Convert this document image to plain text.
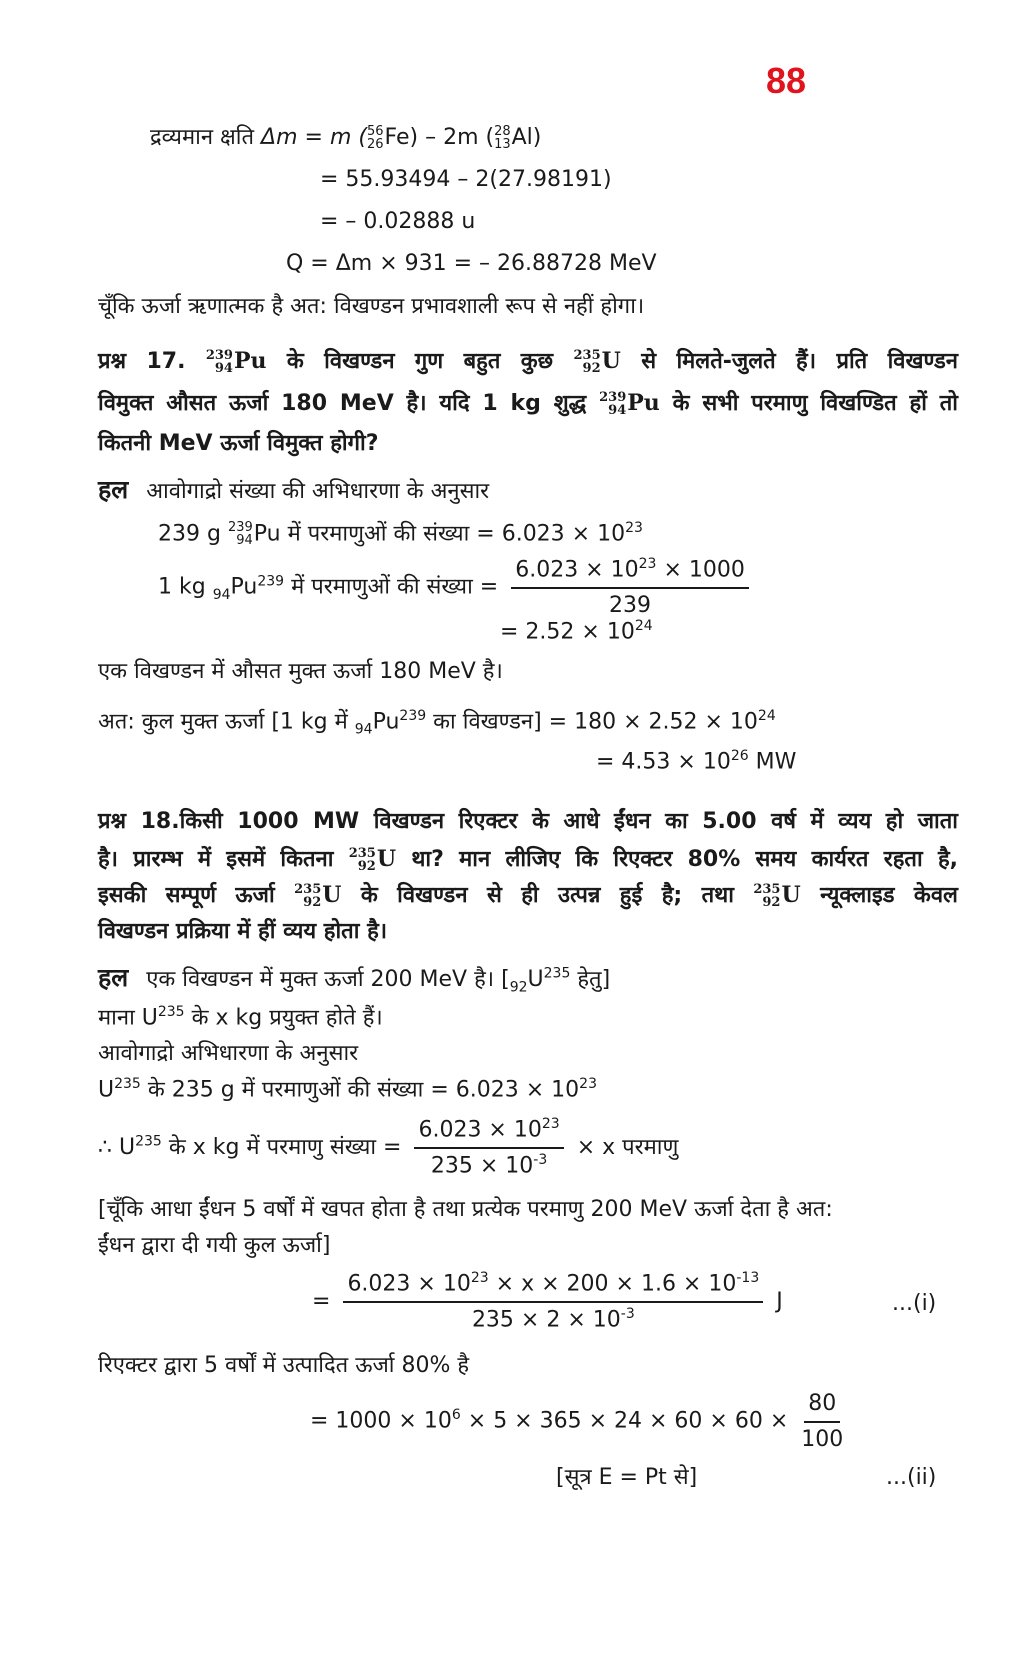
88
द्रव्यमान क्षति Δm = m ( 56
26 Fe) – 2m ( 28
13 Al)
= 55.93494 – 2(27.98191)
= – 0.02888 u
Q = Δm × 931 = – 26.88728 MeV
चूँकि ऊर्जा ऋणात्मक है अत: विखण्डन प्रभावशाली रूप से नहीं होगा।
प्रश्न 17. 239
94 Pu के विखण्डन गुण बहुत कुछ 235
92 U से मिलते-जुलते हैं। प्रति विखण्डन
विमुक्त औसत ऊर्जा 180 MeV है। यदि 1 kg शुद्ध 239
94 Pu के सभी परमाणु विखण्डित हों तो
कितनी MeV ऊर्जा विमुक्त होगी?
हल आवोगाद्रो संख्या की अभिधारणा के अनुसार
239 g 239
94 Pu में परमाणुओं की संख्या = $6.023 \times 10^{23}$
1 kg $_{94}Pu^{239}$ में परमाणुओं की संख्या = $\frac{6.023 \times 10^{23} \times 1000}{239}$
= $2.52 \times 10^{24}$
एक विखण्डन में औसत मुक्त ऊर्जा 180 MeV है।
अत: कुल मुक्त ऊर्जा [1 kg में $_{94}Pu^{239}$ का विखण्डन] = $180 \times 2.52 \times 10^{24}$
= $4.53 \times 10^{26}$ MW
प्रश्न 18.किसी 1000 MW विखण्डन रिएक्टर के आधे ईंधन का 5.00 वर्ष में व्यय हो जाता
है। प्रारम्भ में इसमें कितना 235
92 U था? मान लीजिए कि रिएक्टर 80% समय कार्यरत रहता है,
इसकी सम्पूर्ण ऊर्जा 235
92 U के विखण्डन से ही उत्पन्न हुई है; तथा 235
92 U न्यूक्लाइड केवल
विखण्डन प्रक्रिया में हीं व्यय होता है।
हल एक विखण्डन में मुक्त ऊर्जा 200 MeV है। [$_{92}U^{235}$ हेतु]
माना $U^{235}$ के x kg प्रयुक्त होते हैं।
आवोगाद्रो अभिधारणा के अनुसार
$U^{235}$ के 235 g में परमाणुओं की संख्या = $6.023 \times 10^{23}$
∴ $U^{235}$ के x kg में परमाणु संख्या = $\frac{6.023 \times 10^{23}}{235 \times 10^{-3}} \times x$ परमाणु
[चूँकि आधा ईंधन 5 वर्षों में खपत होता है तथा प्रत्येक परमाणु 200 MeV ऊर्जा देता है अत:
ईंधन द्वारा दी गयी कुल ऊर्जा]
= $\frac{6.023 \times 10^{23} \times x \times 200 \times 1.6 \times 10^{-13}}{235 \times 2 \times 10^{-3}}$ J	...(i)
रिएक्टर द्वारा 5 वर्षों में उत्पादित ऊर्जा 80% है
= $1000 \times 10^6 \times 5 \times 365 \times 24 \times 60 \times 60 \times \frac{80}{100}$
[सूत्र E = Pt से]	...(ii)
